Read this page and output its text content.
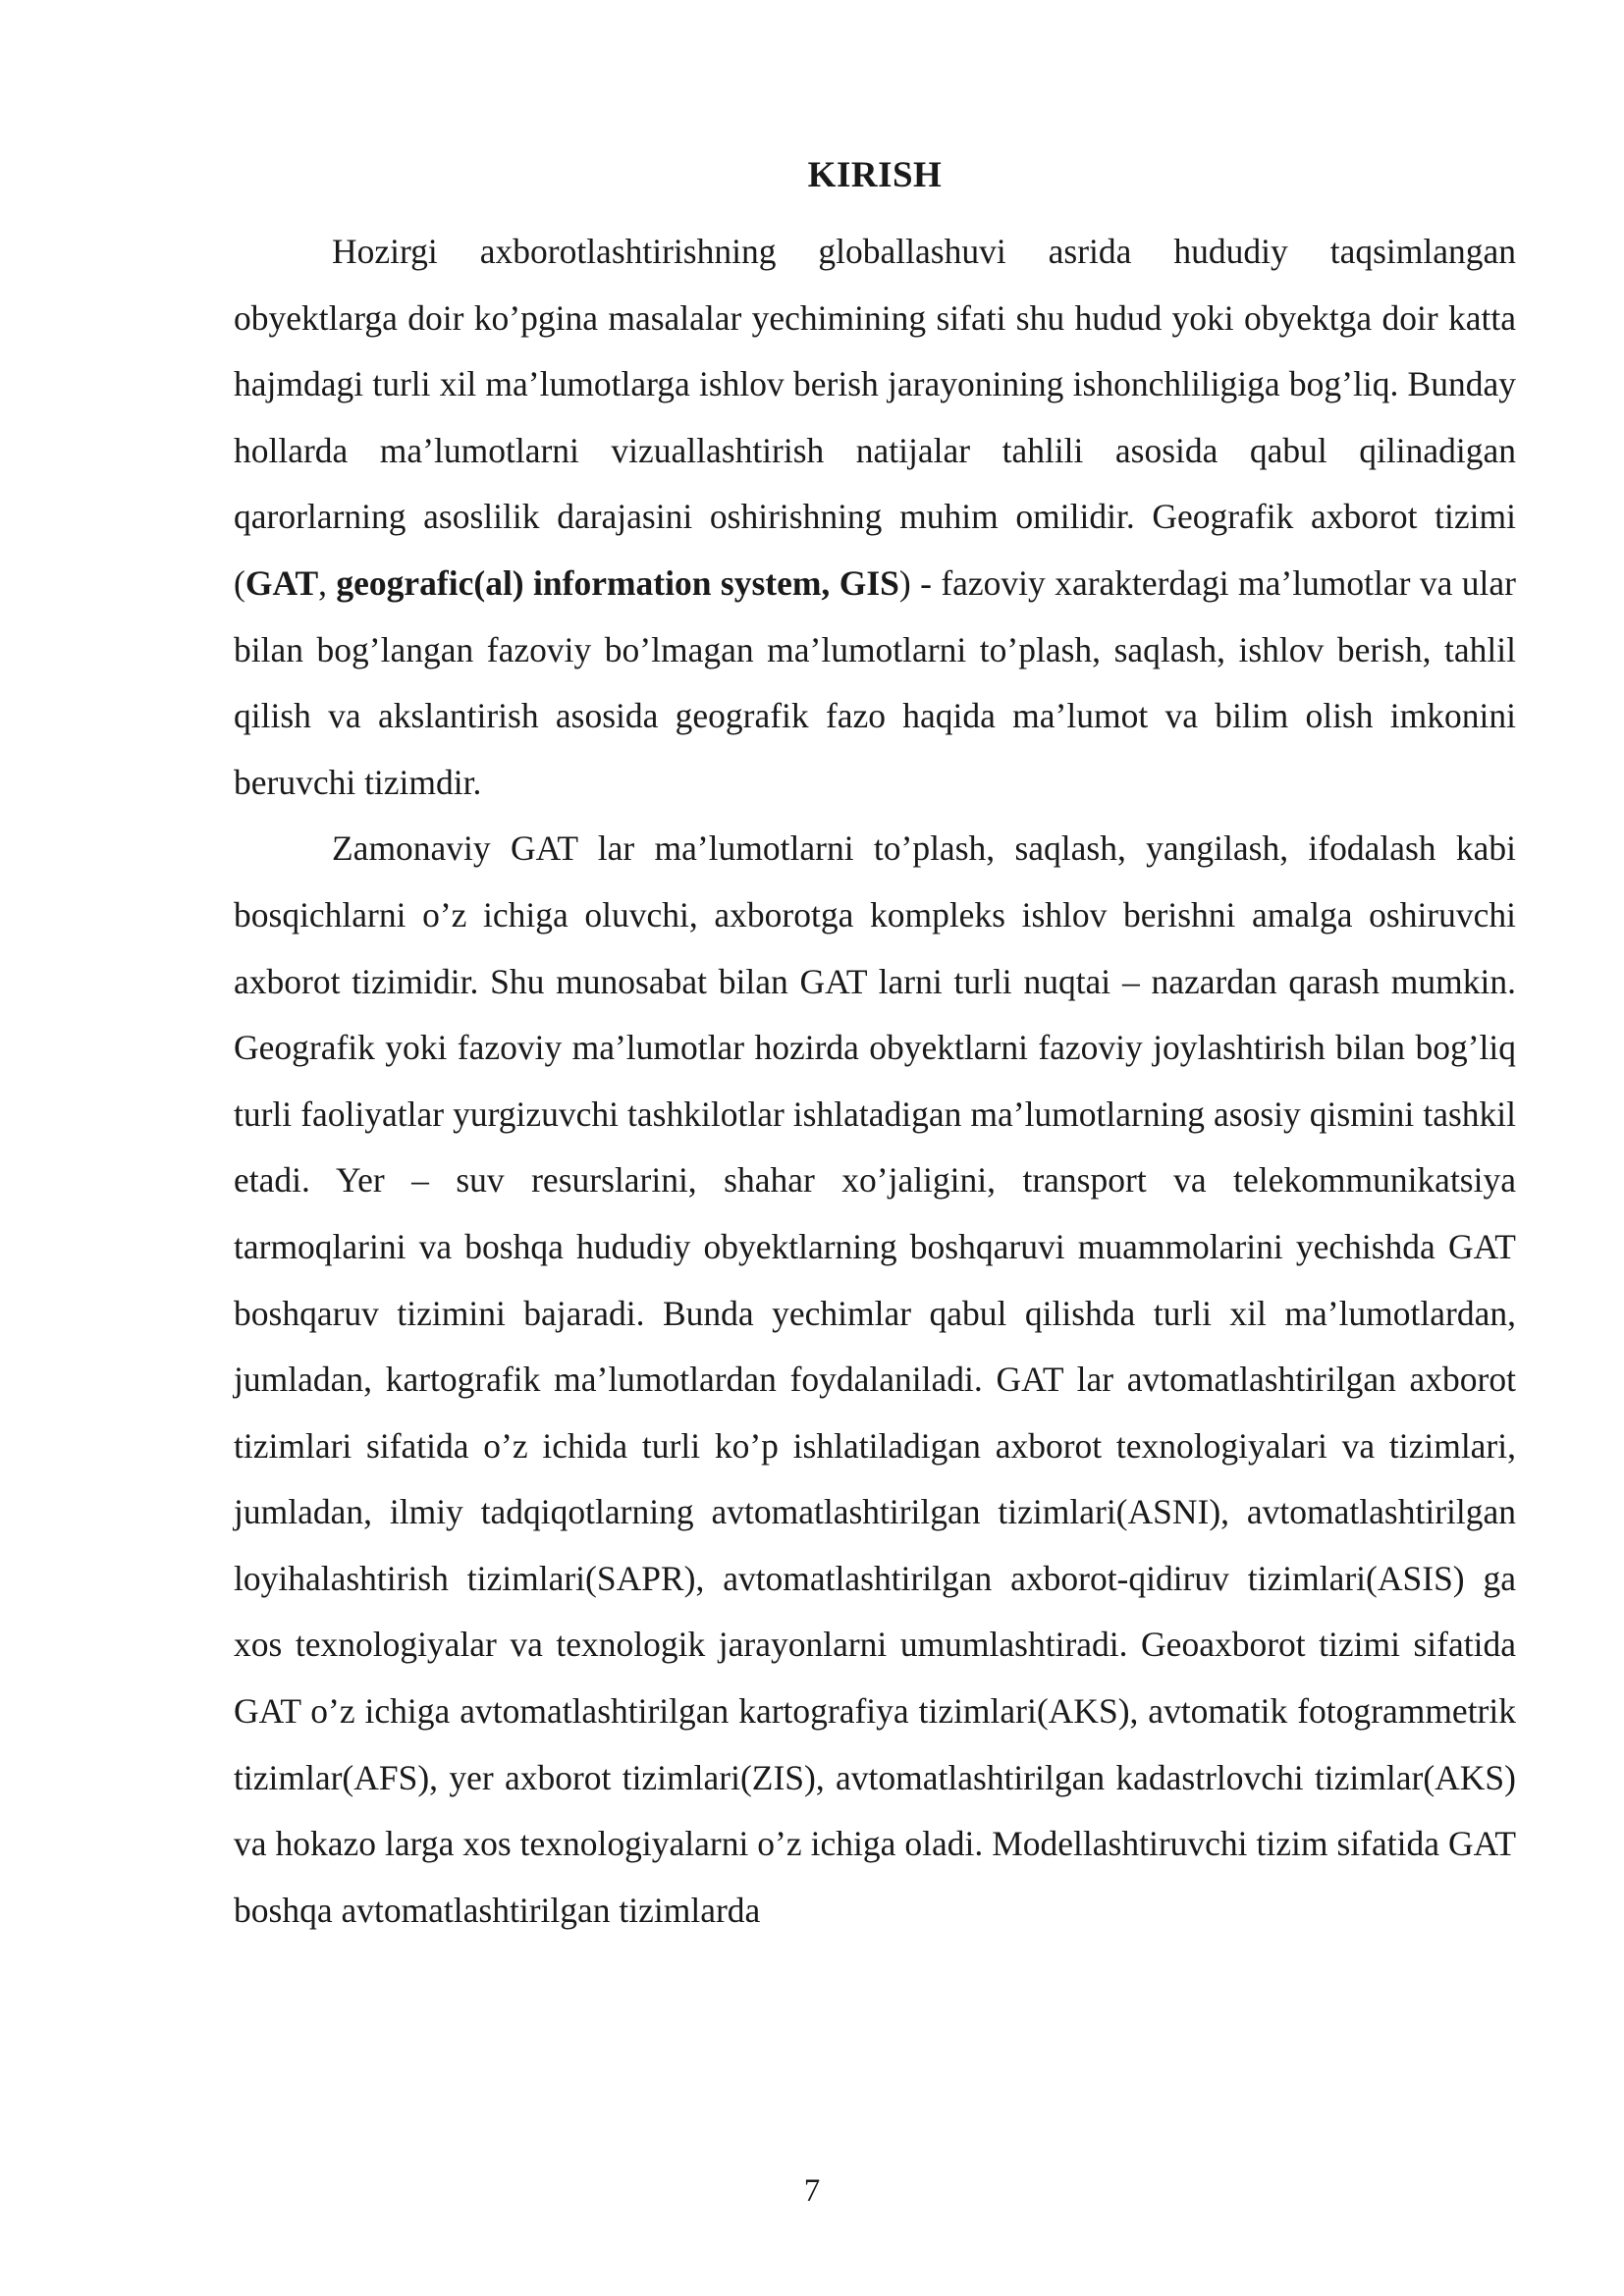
KIRISH

Hozirgi axborotlashtirishning globallashuvi asrida hududiy taqsimlangan obyektlarga doir ko’pgina masalalar yechimining sifati shu hudud yoki obyektga doir katta hajmdagi turli xil ma’lumotlarga ishlov berish jarayonining ishonchliligiga bog’liq. Bunday hollarda ma’lumotlarni vizuallashtirish natijalar tahlili asosida qabul qilinadigan qarorlarning asoslilik darajasini oshirishning muhim omilidir. Geografik axborot tizimi (GAT, geografic(al) information system, GIS) - fazoviy xarakterdagi ma’lumotlar va ular bilan bog’langan fazoviy bo’lmagan ma’lumotlarni to’plash, saqlash, ishlov berish, tahlil qilish va akslantirish asosida geografik fazo haqida ma’lumot va bilim olish imkonini beruvchi tizimdir.

Zamonaviy GAT lar ma’lumotlarni to’plash, saqlash, yangilash, ifodalash kabi bosqichlarni o’z ichiga oluvchi, axborotga kompleks ishlov berishni amalga oshiruvchi axborot tizimidir. Shu munosabat bilan GAT larni turli nuqtai – nazardan qarash mumkin. Geografik yoki fazoviy ma’lumotlar hozirda obyektlarni fazoviy joylashtirish bilan bog’liq turli faoliyatlar yurgizuvchi tashkilotlar ishlatadigan ma’lumotlarning asosiy qismini tashkil etadi. Yer – suv resurslarini, shahar xo’jaligini, transport va telekommunikatsiya tarmoqlarini va boshqa hududiy obyektlarning boshqaruvi muammolarini yechishda GAT boshqaruv tizimini bajaradi. Bunda yechimlar qabul qilishda turli xil ma’lumotlardan, jumladan, kartografik ma’lumotlardan foydalaniladi. GAT lar avtomatlashtirilgan axborot tizimlari sifatida o’z ichida turli ko’p ishlatiladigan axborot texnologiyalari va tizimlari, jumladan, ilmiy tadqiqotlarning avtomatlashtirilgan tizimlari(ASNI), avtomatlashtirilgan loyihalashtirish tizimlari(SAPR), avtomatlashtirilgan axborot-qidiruv tizimlari(ASIS) ga xos texnologiyalar va texnologik jarayonlarni umumlashtiradi. Geoaxborot tizimi sifatida GAT o’z ichiga avtomatlashtirilgan kartografiya tizimlari(AKS), avtomatik fotogrammetrik tizimlar(AFS), yer axborot tizimlari(ZIS), avtomatlashtirilgan kadastrlovchi tizimlar(AKS) va hokazo larga xos texnologiyalarni o’z ichiga oladi. Modellashtiruvchi tizim sifatida GAT boshqa avtomatlashtirilgan tizimlarda

7
